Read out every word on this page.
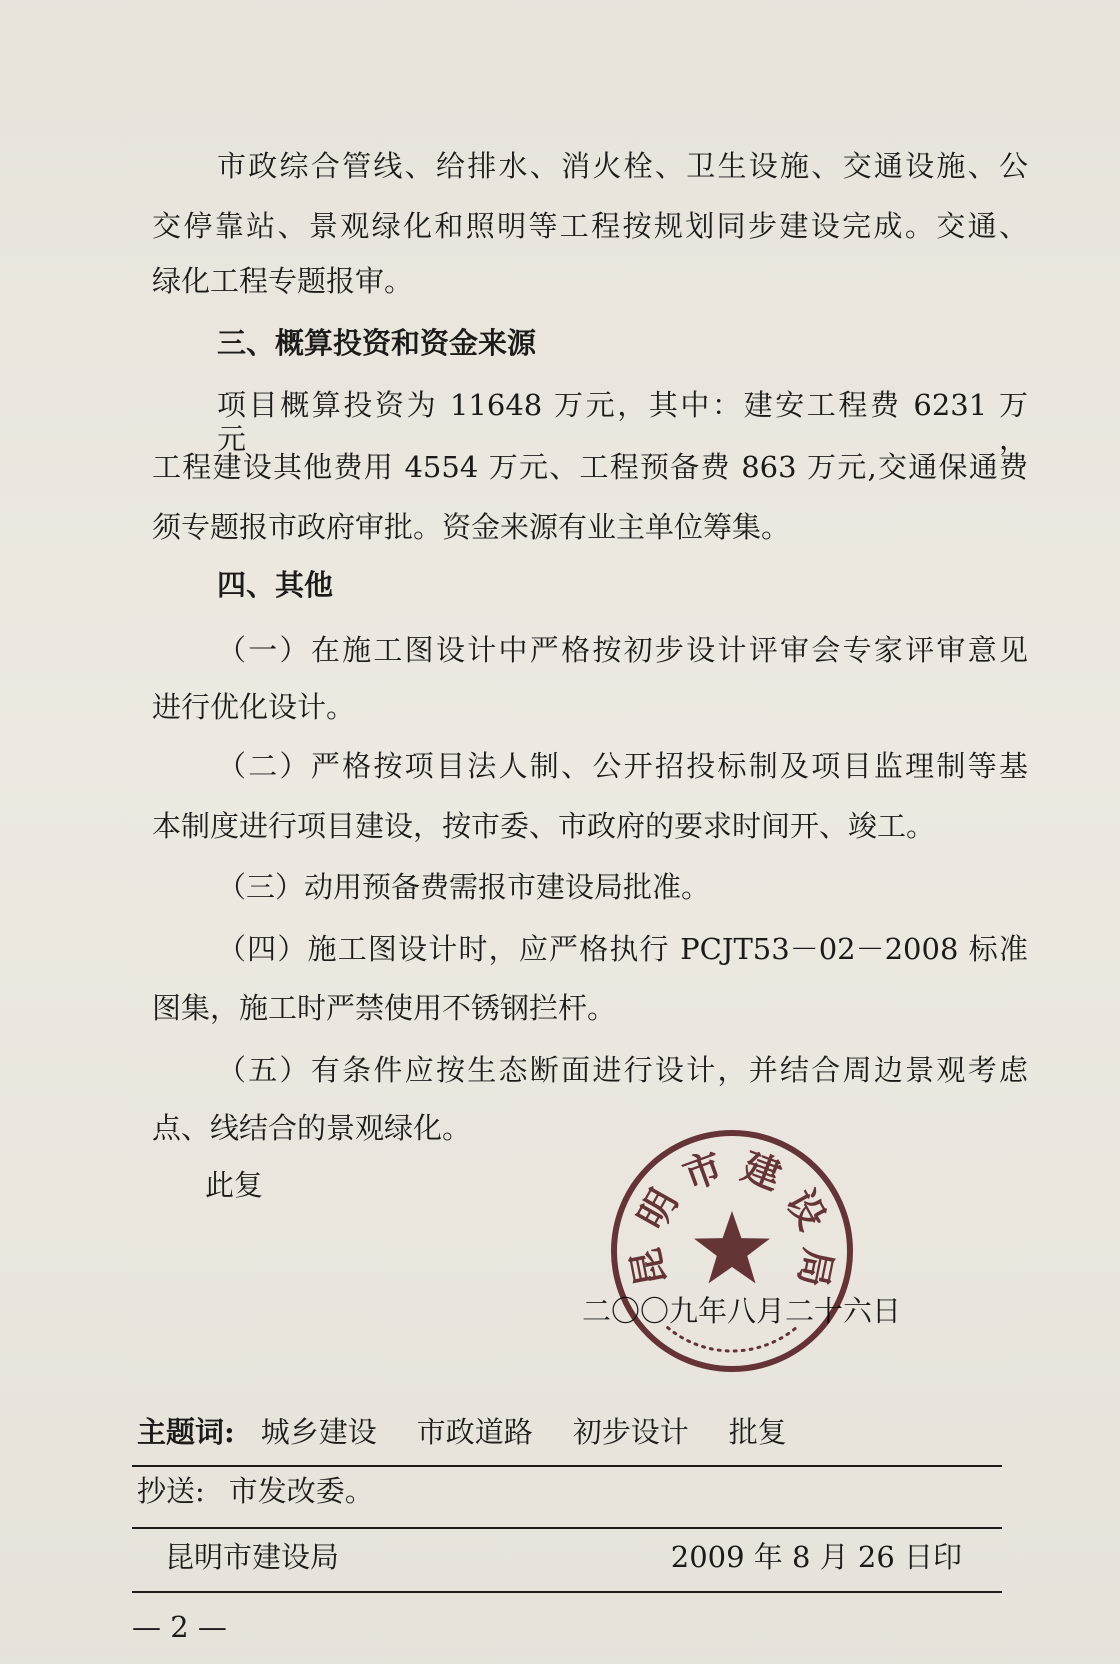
市政综合管线、给排水、消火栓、卫生设施、交通设施、公
交停靠站、景观绿化和照明等工程按规划同步建设完成。交通、
绿化工程专题报审。
三、概算投资和资金来源
项目概算投资为 11648 万元，其中：建安工程费 6231 万元，
工程建设其他费用 4554 万元、工程预备费 863 万元,交通保通费
须专题报市政府审批。资金来源有业主单位筹集。
四、其他
（一）在施工图设计中严格按初步设计评审会专家评审意见
进行优化设计。
（二）严格按项目法人制、公开招投标制及项目监理制等基
本制度进行项目建设，按市委、市政府的要求时间开、竣工。
（三）动用预备费需报市建设局批准。
（四）施工图设计时，应严格执行 PCJT53－02－2008 标准
图集，施工时严禁使用不锈钢拦杆。
（五）有条件应按生态断面进行设计，并结合周边景观考虑
点、线结合的景观绿化。
此复
二〇〇九年八月二十六日
昆明市建设局
主题词: 城乡建设 市政道路 初步设计 批复
抄送: 市发改委。
昆明市建设局	2009 年 8 月 26 日印
— 2 —
